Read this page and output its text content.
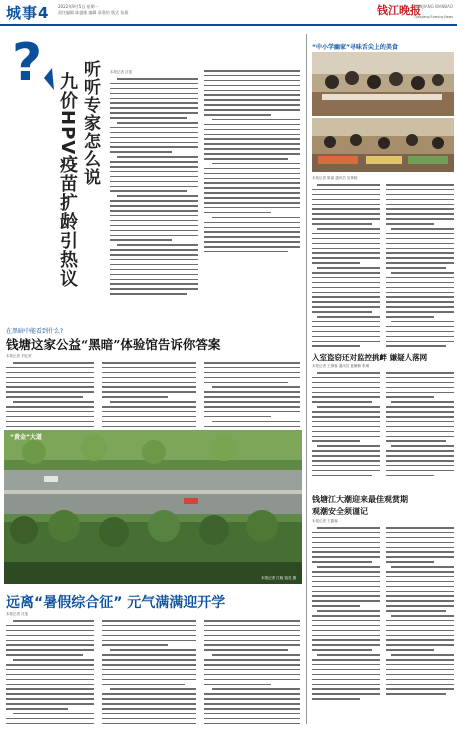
城事4 2022年9月5日 星期一
责任编辑 陈盛维 编辑 章嘉怡 版式 张燕	钱江晚报
QIANJIANG WANBAO
Qianjiang Evening News
? 听听专家怎么说
九价HPV疫苗扩龄引热议	本报记者 沈斐
“中小学幽家”寻味舌尖上的美食
本报记者 陈丽 通讯员 吴林晓
在黑暗中能看到什么?
钱塘这家公益“黑暗”体验馆告诉你答案
本报记者 刘亿荣
“黄金”大道
本报记者 江晓 钱灵 摄
入室盗窃还对监控挑衅 嫌疑人落网
本报记者 王黛蓉 通讯员 夏鹏楠 张琳
钱塘江大潮迎来最佳观赏期
观潮安全须谨记
本报记者 王鑫蓉
远离“暑假综合征” 元气满满迎开学
本报记者 沈斐
